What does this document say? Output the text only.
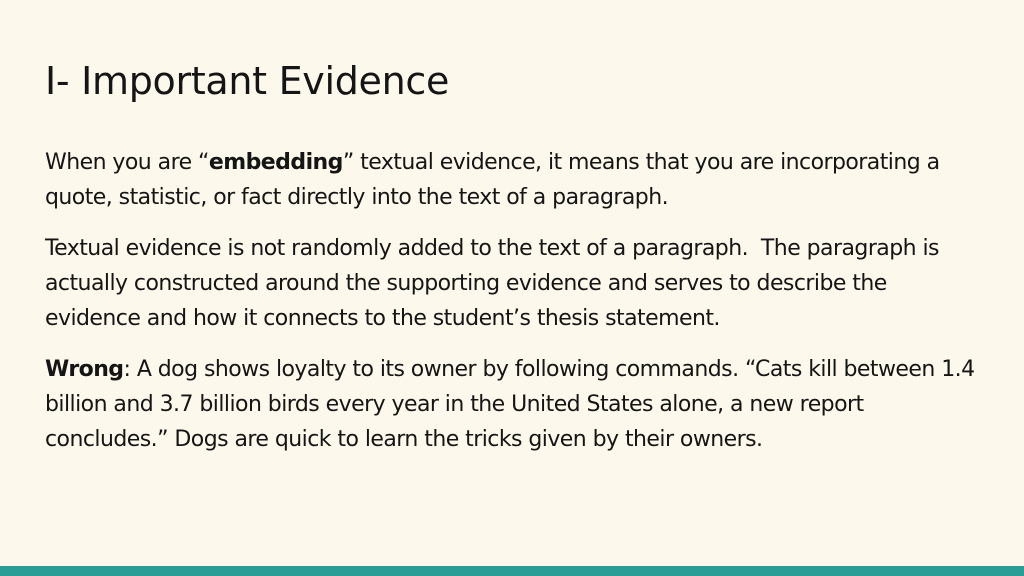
I- Important Evidence

When you are “embedding” textual evidence, it means that you are incorporating a quote, statistic, or fact directly into the text of a paragraph.

Textual evidence is not randomly added to the text of a paragraph.  The paragraph is actually constructed around the supporting evidence and serves to describe the evidence and how it connects to the student’s thesis statement.

Wrong: A dog shows loyalty to its owner by following commands. “Cats kill between 1.4 billion and 3.7 billion birds every year in the United States alone, a new report concludes.” Dogs are quick to learn the tricks given by their owners.
